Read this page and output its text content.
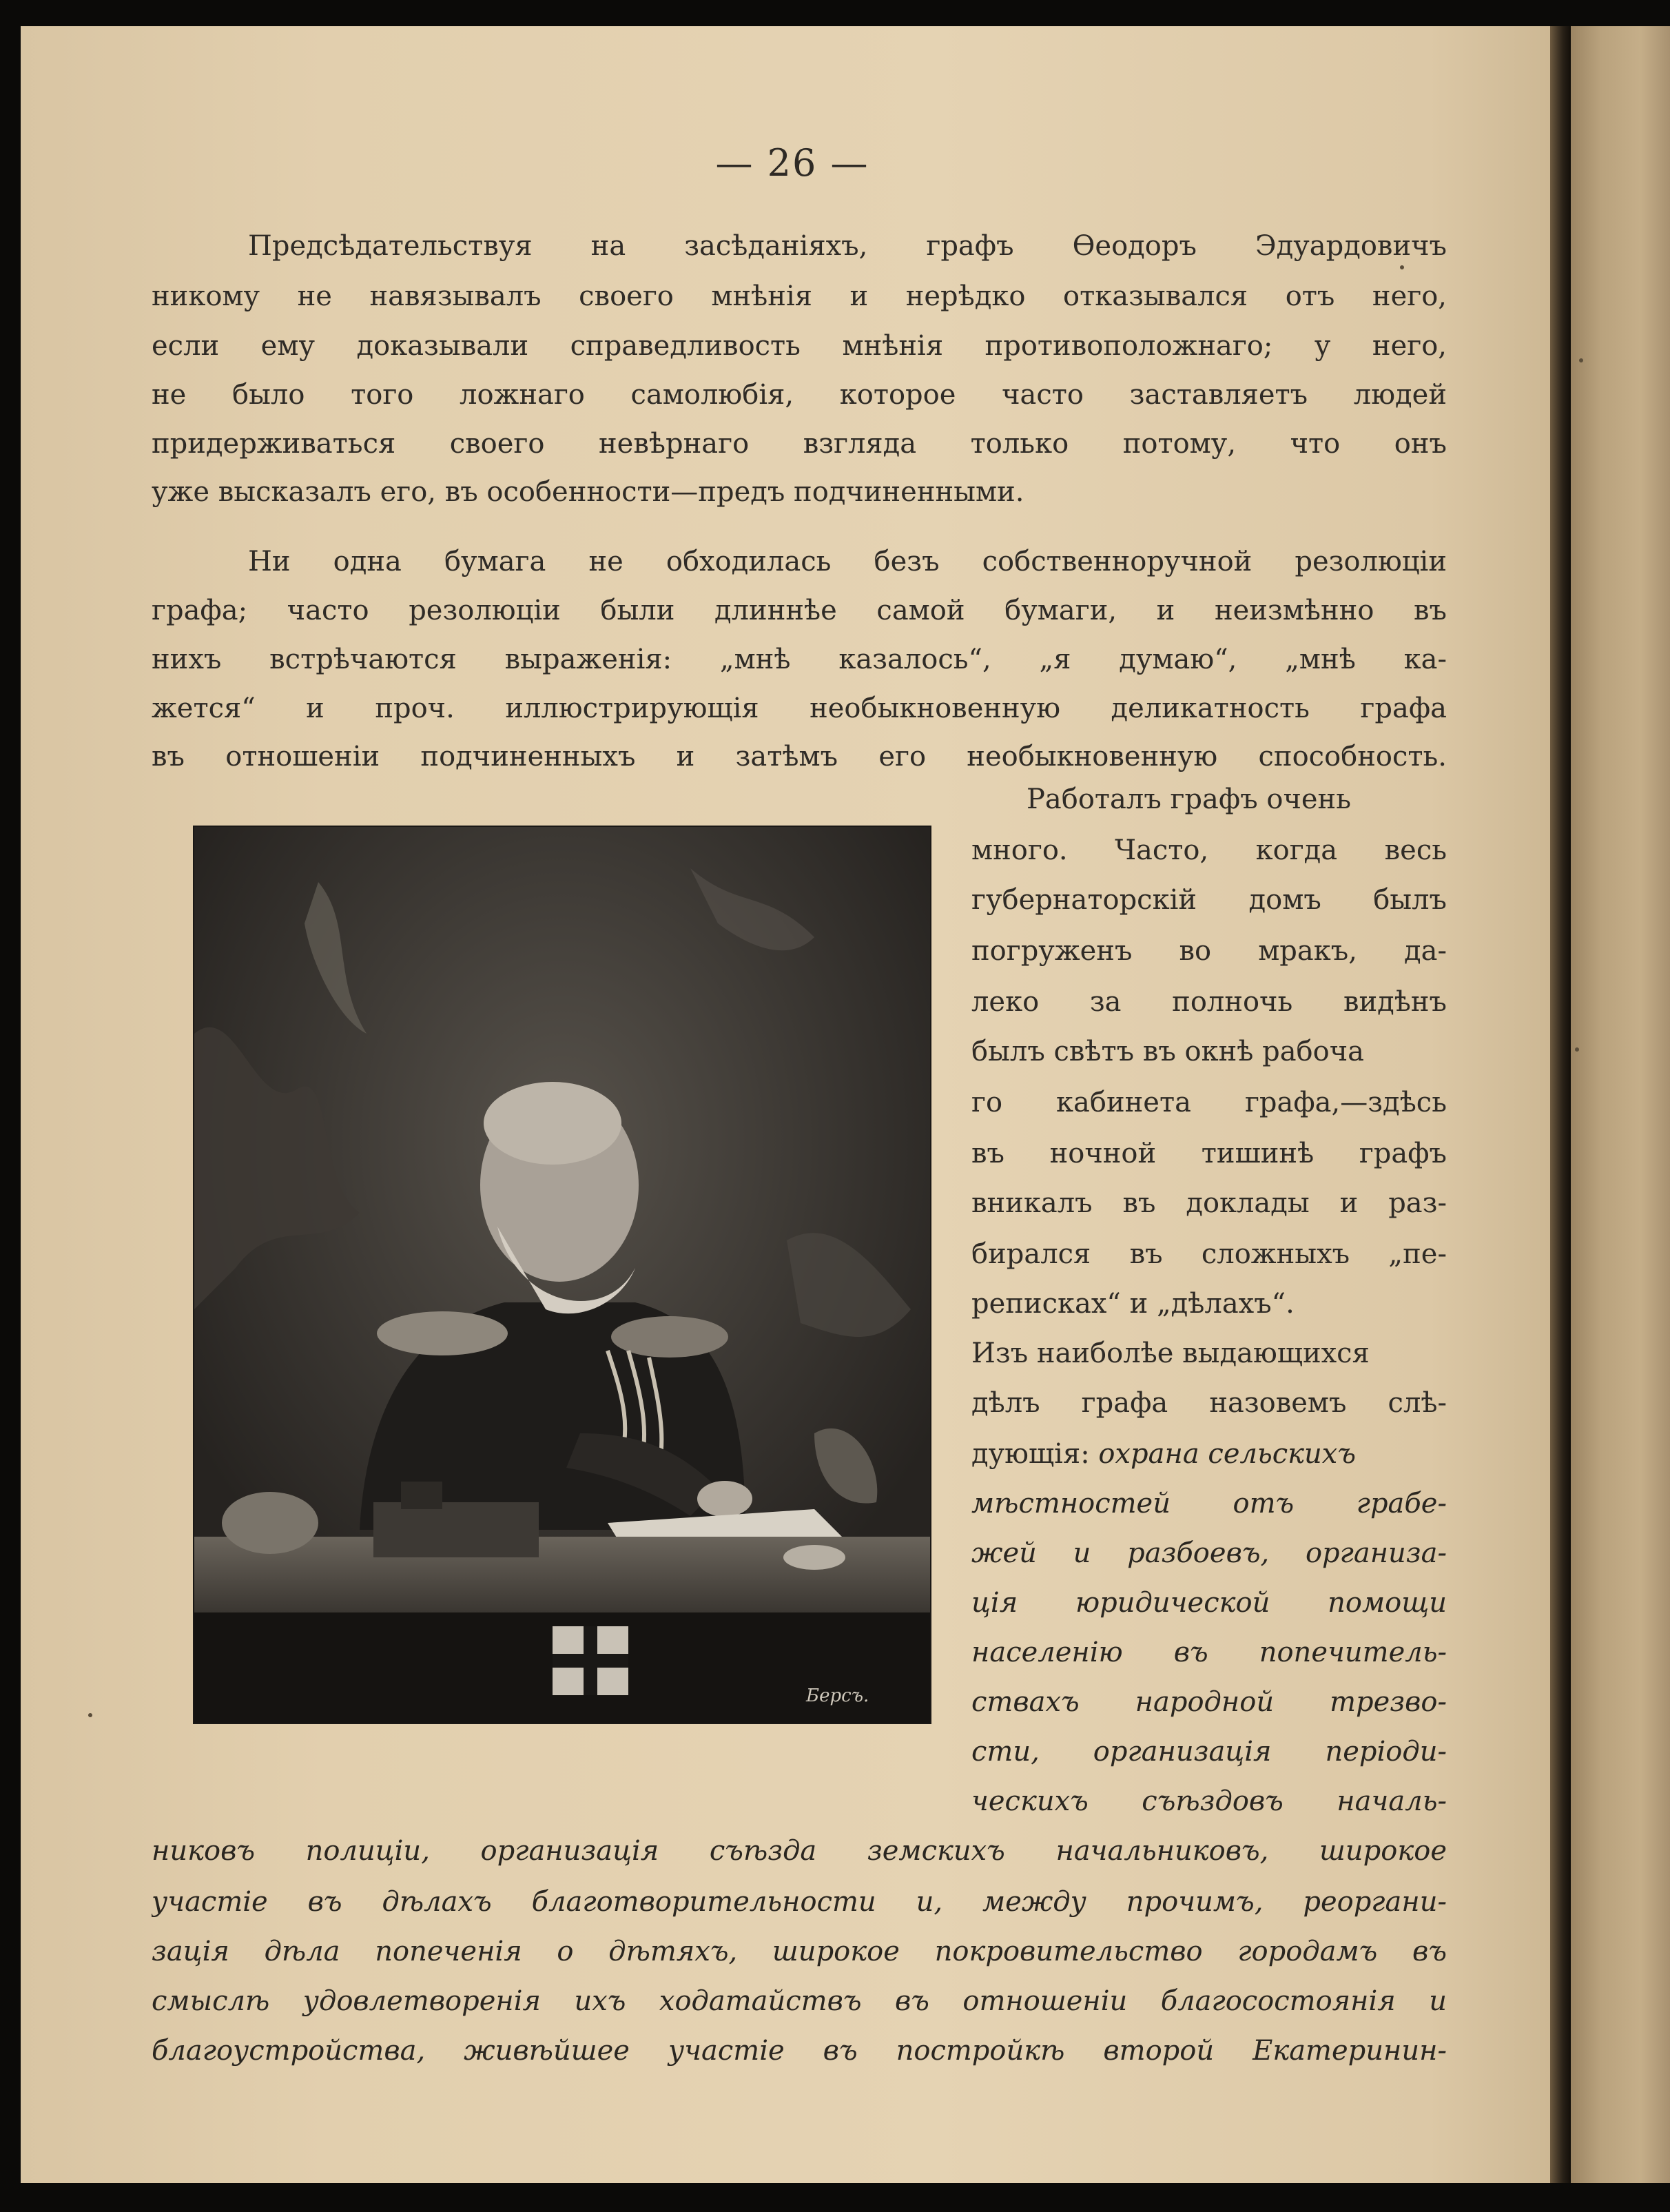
— 26 —
Предсѣдательствуя на засѣданіяхъ, графъ Ѳеодоръ Эдуардовичъ
никому не навязывалъ своего мнѣнія и нерѣдко отказывался отъ него,
если ему доказывали справедливость мнѣнія противоположнаго; у него,
не было того ложнаго самолюбія, которое часто заставляетъ людей
придерживаться своего невѣрнаго взгляда только потому, что онъ
уже высказалъ его, въ особенности—предъ подчиненными.
Ни одна бумага не обходилась безъ собственноручной резолюціи
графа; часто резолюціи были длиннѣе самой бумаги, и неизмѣнно въ
нихъ встрѣчаются выраженія: „мнѣ казалось“, „я думаю“, „мнѣ ка-
жется“ и проч. иллюстрирующія необыкновенную деликатность графа
въ отношеніи подчиненныхъ и затѣмъ его необыкновенную способность.
Берсъ.
Работалъ графъ очень
много. Часто, когда весь
губернаторскій домъ былъ
погруженъ во мракъ, да-
леко за полночь видѣнъ
былъ свѣтъ въ окнѣ рабоча
го кабинета графа,—здѣсь
въ ночной тишинѣ графъ
вникалъ въ доклады и раз-
бирался въ сложныхъ „пе-
реписках“ и „дѣлахъ“.
Изъ наиболѣе выдающихся
дѣлъ графа назовемъ слѣ-
дующія: охрана сельскихъ
мѣстностей отъ грабе-
жей и разбоевъ, организа-
ція юридической помощи
населенію въ попечитель-
ствахъ народной трезво-
сти, организація періоди-
ческихъ съѣздовъ началь-
никовъ полиціи, организація съѣзда земскихъ начальниковъ, широкое
участіе въ дѣлахъ благотворительности и, между прочимъ, реоргани-
зація дѣла попеченія о дѣтяхъ, широкое покровительство городамъ въ
смыслѣ удовлетворенія ихъ ходатайствъ въ отношеніи благосостоянія и
благоустройства, живѣйшее участіе въ постройкѣ второй Екатеринин-
